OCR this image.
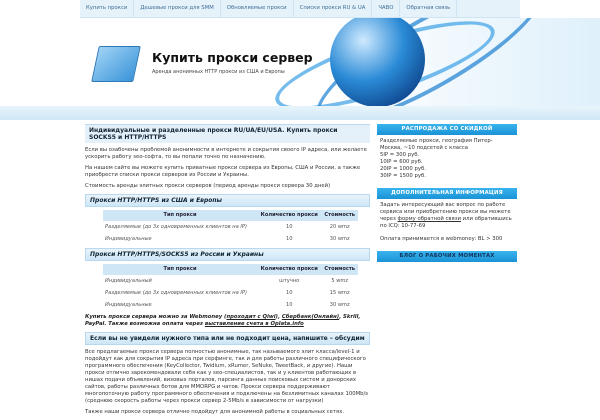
Купить прокси	Дешевые прокси для SMM	Обновляемые прокси	Списки прокси RU & UA	ЧАВО	Обратная связь
Купить прокси сервер
Аренда анонимных HTTP прокси из США и Европы
Индивидуальные и разделенные прокси RU/UA/EU/USA. Купить прокси SOCKS5 и HTTP/HTTPS

Если вы озабочены проблемой анонимности в интернете и сокрытия своего IP адреса, или желаете ускорить работу seo-софта, то вы попали точно по назначению.

На нашем сайте вы можете купить приватные прокси сервера из Европы, США и России, а также приобрести списки прокси серверов из России и Украины.

Стоимость аренды элитных прокси серверов (период аренды прокси сервера 30 дней)

Прокси HTTP/HTTPS из США и Европы
Тип прокси	Количество прокси	Стоимость
Разделяемые (до 3х одновременных клиентов на IP)	10	20 wmz
Индивидуальные	10	30 wmz
Прокси HTTP/HTTPS/SOCKS5 из России и Украины
Тип прокси	Количество прокси	Стоимость
Индивидуальный	штучно	5 wmz
Разделяемые (до 3х одновременных клиентов на IP)	10	15 wmz
Индивидуальные	10	30 wmz

Купить прокси сервера можно за Webmoney (проходит с Qiwi), Сбербанк(Онлайн), Skrill, PayPal. Также возможна оплата через выставление счета в Oplata.info

Если вы не увидели нужного типа или не подходит цена, напишите – обсудим

Все предлагаемые прокси сервера полностью анонимные, так называемого элит класса/level-1 и подойдут как для сокрытия IP адреса при серфинге, так и для работы различного специфического программного обеспечения (KeyCollector, Twidium, xRumer, SeNuke, TweetBack, и другие). Наши прокси отлично зарекомендовали себя как у seo-специалистов, так и у клиентов работающих в нишах подачи объявлений, визовых порталов, парсинга данных поисковых систем и донорских сайтов, работы различных ботов для MMORPG и чатов. Прокси сервера поддерживают многопоточную работу программного обеспечения и подключены на безлимитных каналах 100Mb/s (среднюю скорость работы через прокси сервер 2-5Mb/s в зависимости от нагрузки)

Также наши прокси сервера отлично подойдут для анонимной работы в социальных сетях.

РАСПРОДАЖА СО СКИДКОЙ
Разделяемые прокси, география Питер-Москва, ~10 подсетей с класса
5IP = 300 руб.
10IP = 600 руб.
20IP = 1000 руб.
30IP = 1500 руб.
ДОПОЛНИТЕЛЬНАЯ ИНФОРМАЦИЯ

Задать интересующий вас вопрос по работе сервиса или приобретению прокси вы можете через форму обратной связи или обратившись по ICQ: 10-77-69

Оплата принимается в webmoney: BL > 300

БЛОГ О РАБОЧИХ МОМЕНТАХ
